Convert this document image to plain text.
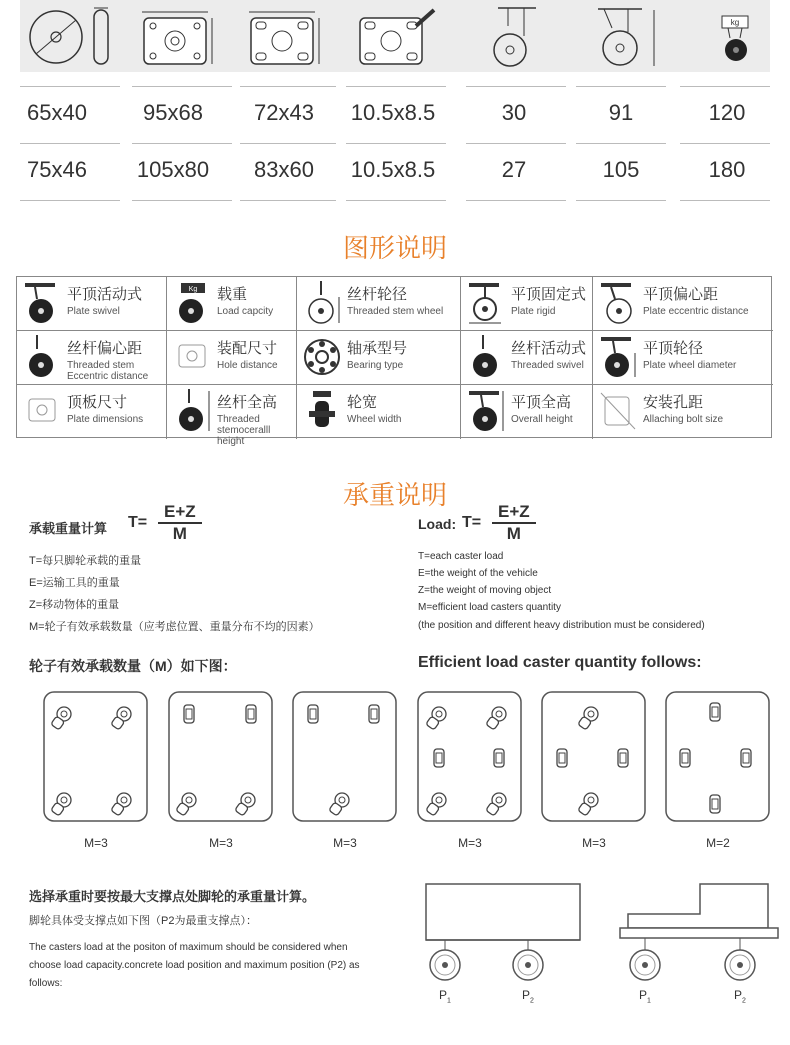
kg
65x40	95x68	72x43	10.5x8.5	30	91	120
75x46	105x80	83x60	10.5x8.5	27	105	180
图形说明
平顶活动式
Plate swivel
Kg 载重
Load capcity
丝杆轮径
Threaded stem wheel
平顶固定式
Plate rigid
平顶偏心距
Plate eccentric distance
丝杆偏心距
Threaded stem Eccentric distance
装配尺寸
Hole distance
轴承型号
Bearing type
丝杆活动式
Threaded swivel
平顶轮径
Plate wheel diameter
顶板尺寸
Plate dimensions
丝杆全高
Threaded stemoceralll height
轮宽
Wheel width
平顶全高
Overall height
安装孔距
Allaching bolt size
承重说明
承载重量计算 $T= \frac{E+Z}{M}$	Load: $T= \frac{E+Z}{M}$
T=每只脚轮承载的重量
E=运输工具的重量
Z=移动物体的重量
M=轮子有效承载数量（应考虑位置、重量分布不均的因素）
T=each caster load
E=the weight of the vehicle
Z=the weight of moving object
M=efficient load casters quantity
(the position and different heavy distribution must be considered)
轮子有效承载数量（M）如下图：	Efficient load caster quantity follows:
M=3	M=3	M=3	M=3	M=3	M=2
选择承重时要按最大支撑点处脚轮的承重量计算。
脚轮具体受支撑点如下图（P2为最重支撑点）：
The casters load at the positon of maximum should be considered when
choose load capacity.concrete load position and maximum position (P2) as
follows:
$P_1$	$P_2$	$P_1$	$P_2$
